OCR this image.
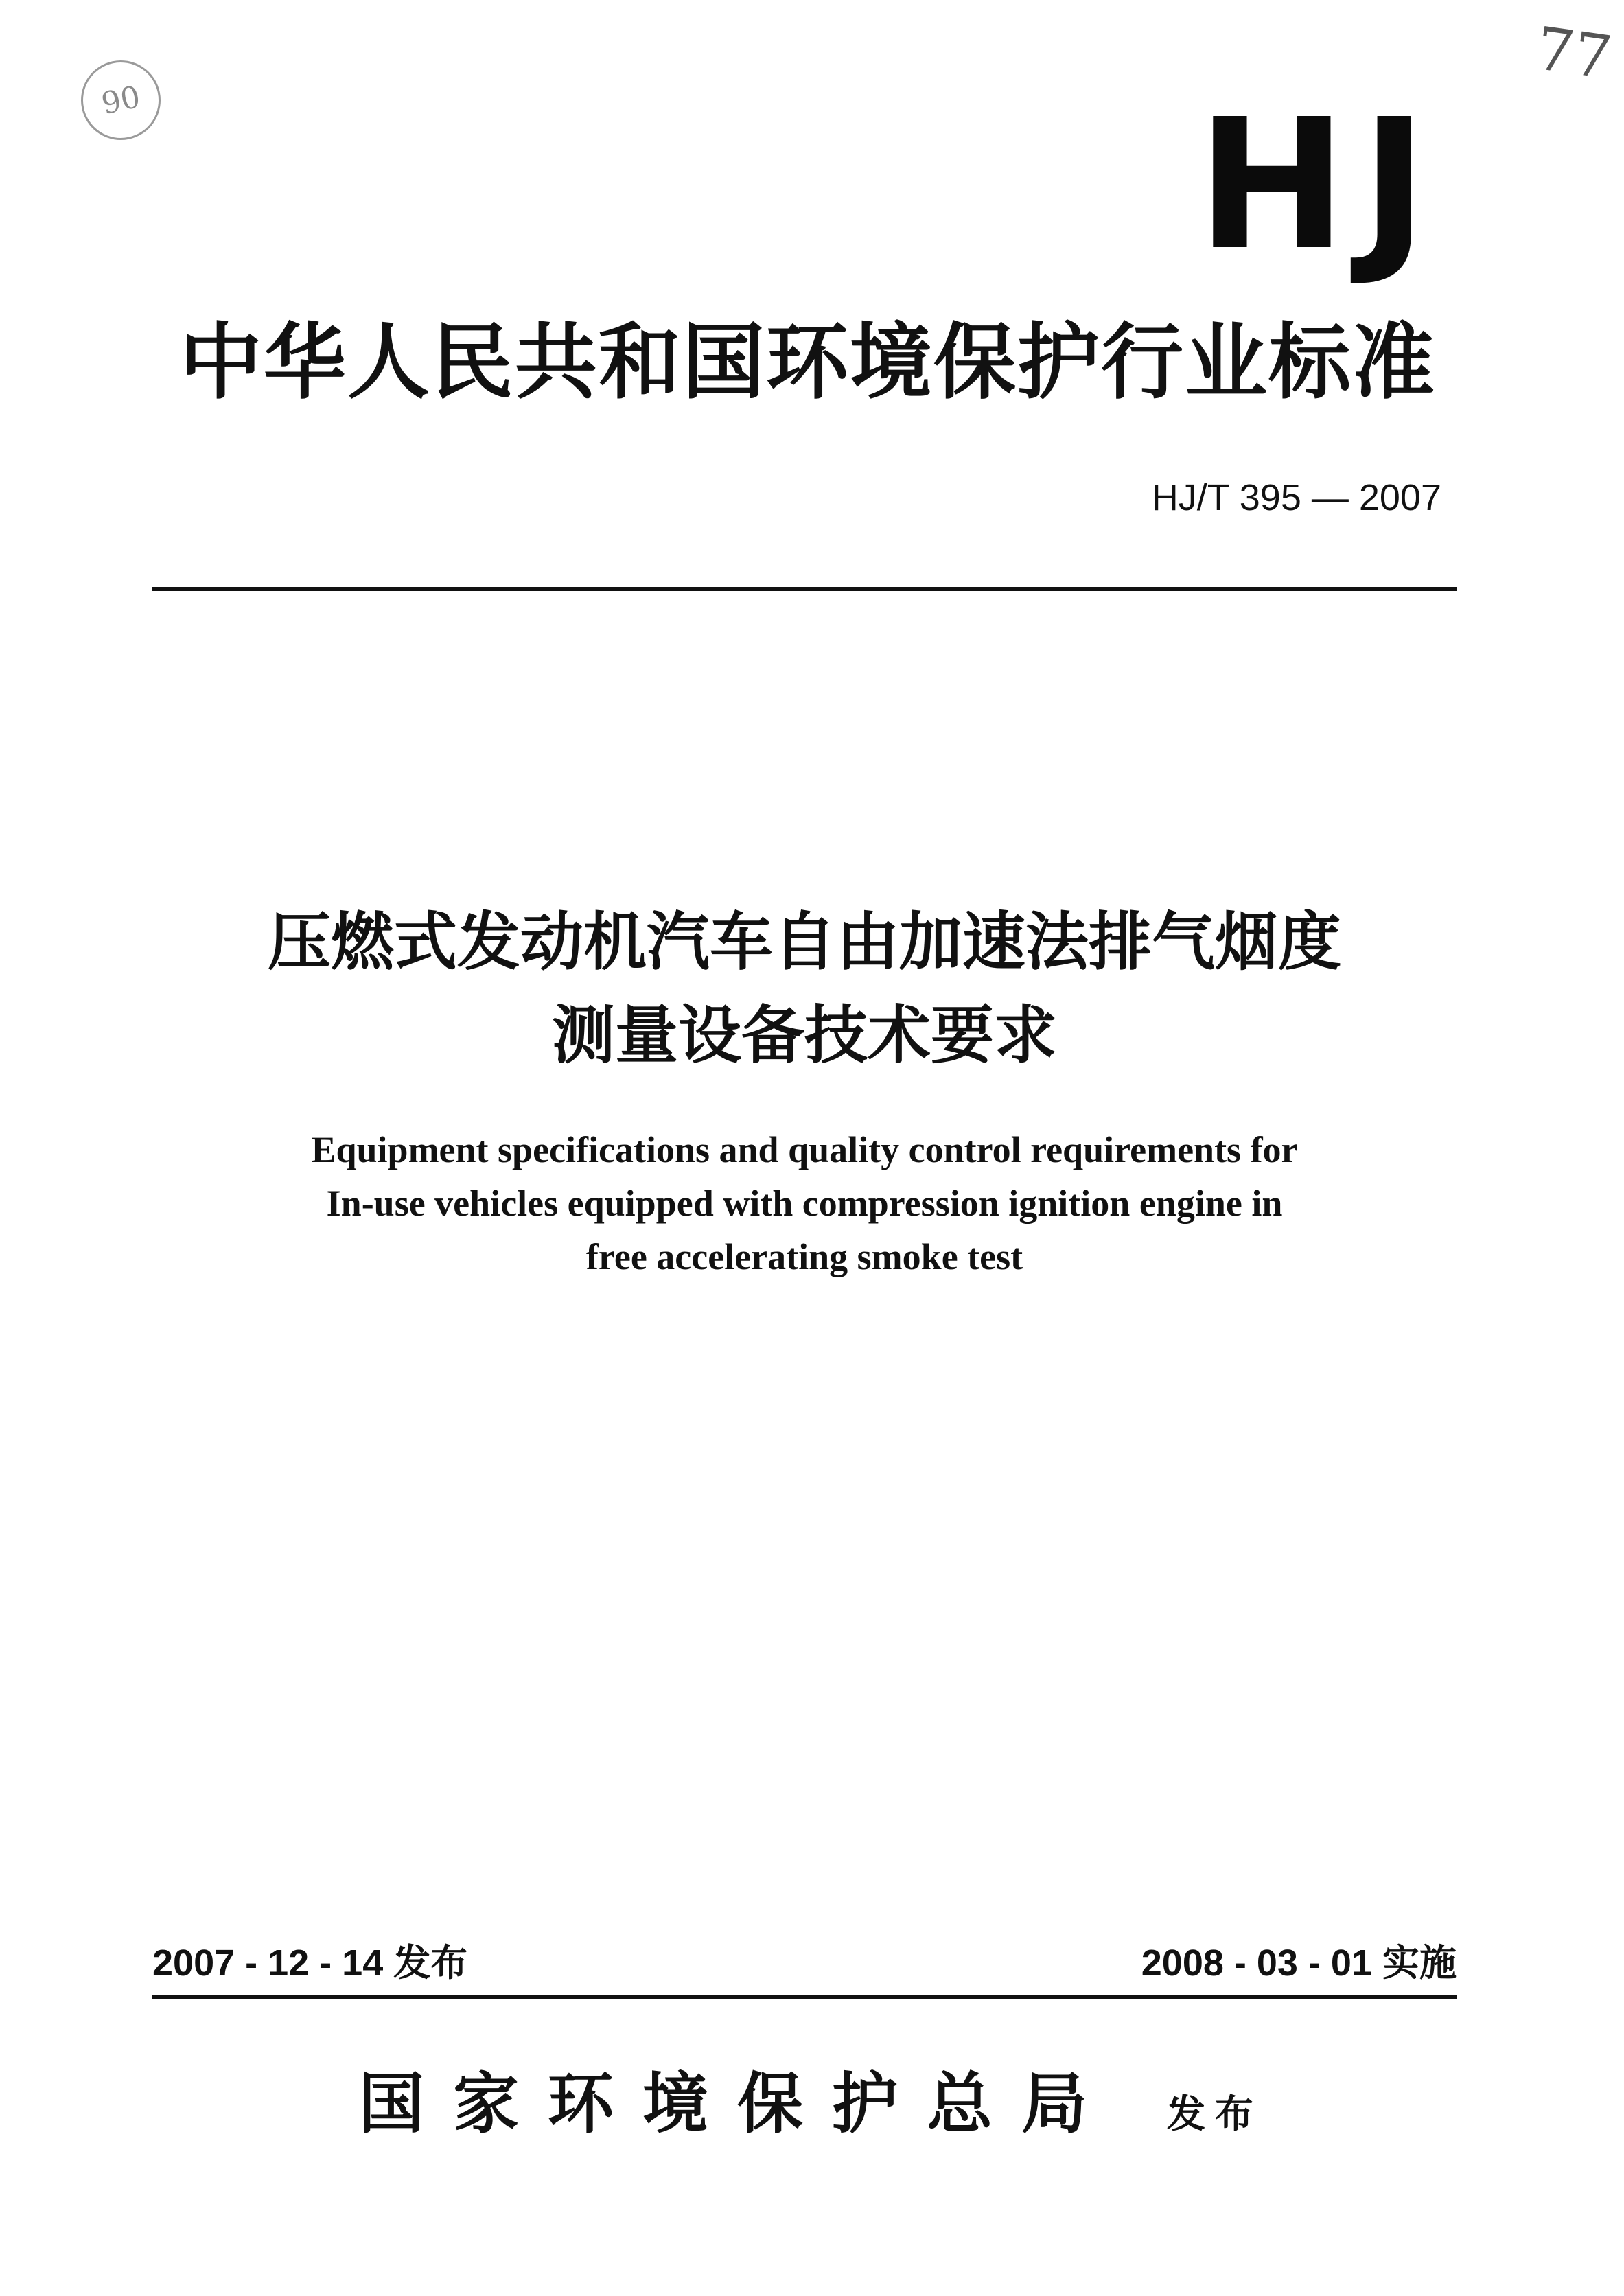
90
77
HJ
中华人民共和国环境保护行业标准
HJ/T 395 — 2007
压燃式发动机汽车自由加速法排气烟度
测量设备技术要求
Equipment specifications and quality control requirements for
In-use vehicles equipped with compression ignition engine in
free accelerating smoke test
2007 - 12 - 14 发布	2008 - 03 - 01 实施
国家环境保护总局 发布
